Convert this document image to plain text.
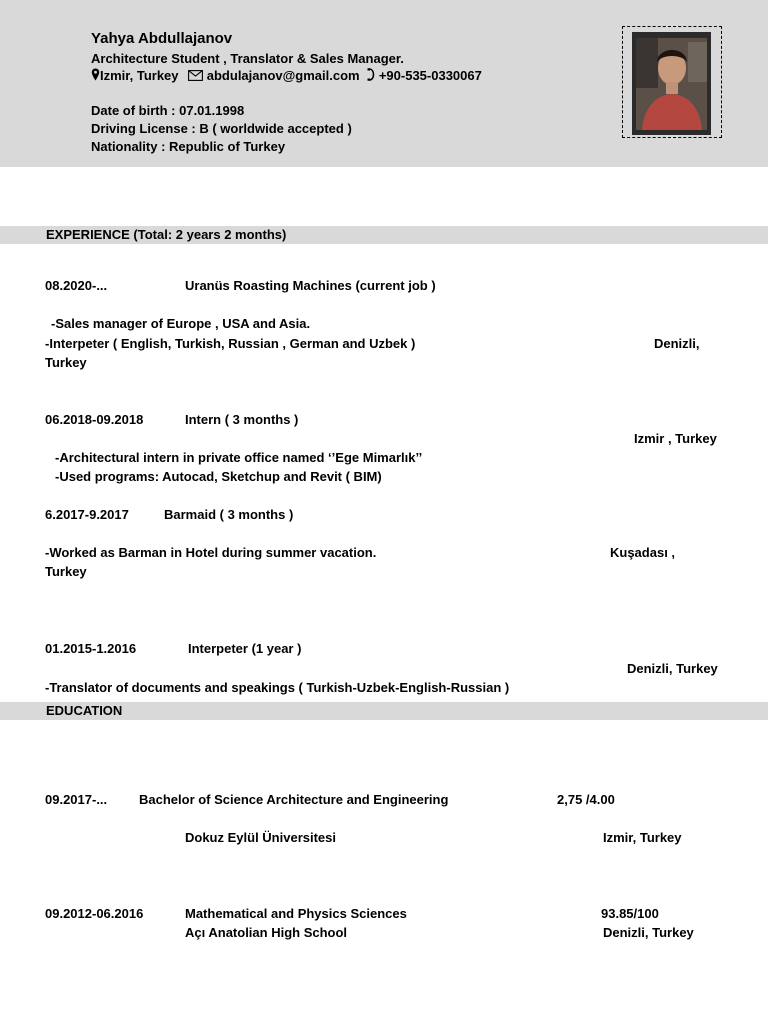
Yahya Abdullajanov
Architecture Student , Translator & Sales Manager.
Izmir, Turkey abdulajanov@gmail.com +90-535-0330067
Date of birth : 07.01.1998
Driving License : B ( worldwide accepted )
Nationality : Republic of Turkey
EXPERIENCE (Total: 2 years 2 months)
08.2020-...	Uranüs Roasting Machines (current job )
-Sales manager of Europe , USA and Asia.
-Interpeter ( English, Turkish, Russian , German and Uzbek )	Denizli,
Turkey
06.2018-09.2018	Intern ( 3 months )
Izmir , Turkey
-Architectural intern in private office named ‘’Ege Mimarlık’’
-Used programs: Autocad, Sketchup and Revit ( BIM)
6.2017-9.2017	Barmaid ( 3 months )
-Worked as Barman in Hotel during summer vacation.	Kuşadası ,
Turkey
01.2015-1.2016	Interpeter (1 year )
Denizli, Turkey
-Translator of documents and speakings ( Turkish-Uzbek-English-Russian )
EDUCATION
09.2017-... Bachelor of Science Architecture and Engineering	2,75 /4.00
Dokuz Eylül Üniversitesi	Izmir, Turkey
09.2012-06.2016	Mathematical and Physics Sciences	93.85/100
Açı Anatolian High School	Denizli, Turkey
